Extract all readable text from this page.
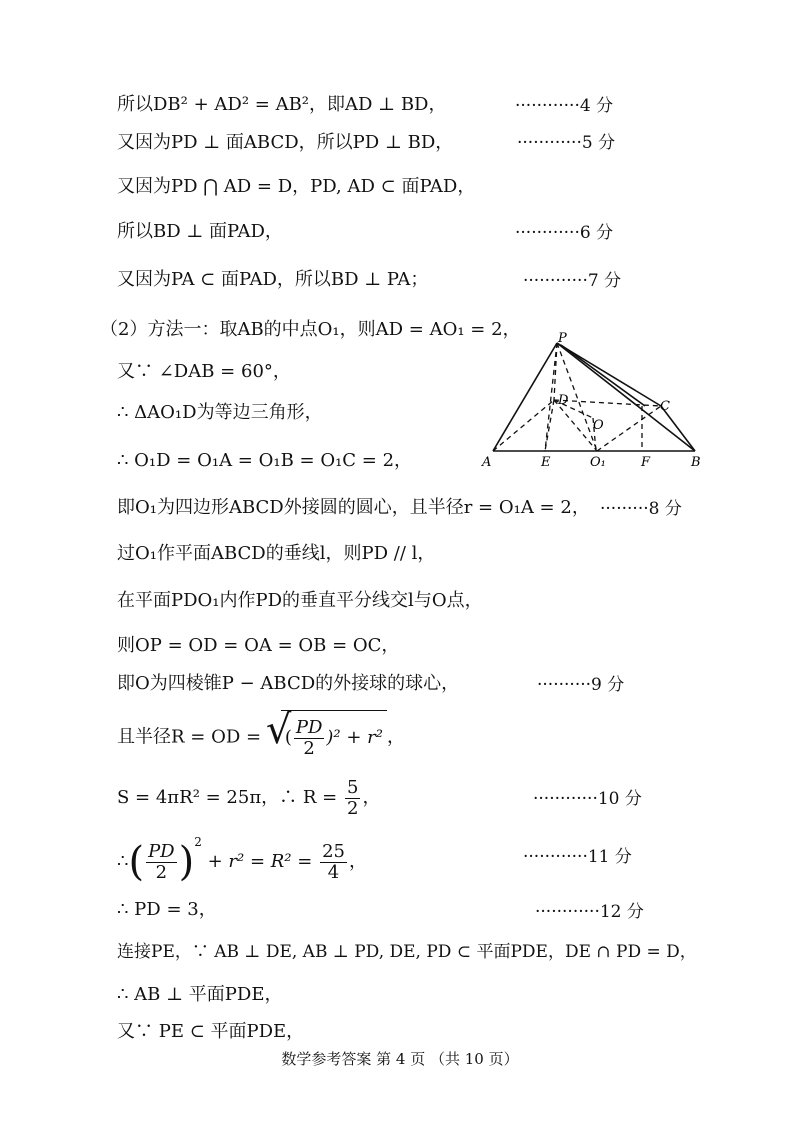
所以DB² + AD² = AB²，即AD ⊥ BD，	············4 分
又因为PD ⊥ 面ABCD，所以PD ⊥ BD，	············5 分
又因为PD ⋂ AD = D，PD, AD ⊂ 面PAD，
所以BD ⊥ 面PAD，	············6 分
又因为PA ⊂ 面PAD，所以BD ⊥ PA；	············7 分
（2）方法一：取AB的中点O₁，则AD = AO₁ = 2，
又∵ ∠DAB = 60°，
∴ ΔAO₁D为等边三角形，
∴ O₁D = O₁A = O₁B = O₁C = 2，
P
D	C
O
A	E	O₁	F	B
即O₁为四边形ABCD外接圆的圆心，且半径r = O₁A = 2， ·········8 分
过O₁作平面ABCD的垂线l，则PD // l，
在平面PDO₁内作PD的垂直平分线交l与O点，
则OP = OD = OA = OB = OC，
即O为四棱锥P − ABCD的外接球的球心，	··········9 分
且半径R = OD = √ ( $\frac{PD}{2} )^2 + r^2$ ，
S = 4πR² = 25π，∴ $R = \frac{5}{2}$ ，	············10 分
∴( $\frac{PD}{2} )^2 + r^2 = R^2 = \frac{25}{4}$ ，	············11 分
∴ PD = 3，	············12 分
连接PE，∵ AB ⊥ DE, AB ⊥ PD, DE, PD ⊂ 平面PDE，DE ∩ PD = D，
∴ AB ⊥ 平面PDE，
又∵ PE ⊂ 平面PDE，
数学参考答案 第 4 页 （共 10 页）
